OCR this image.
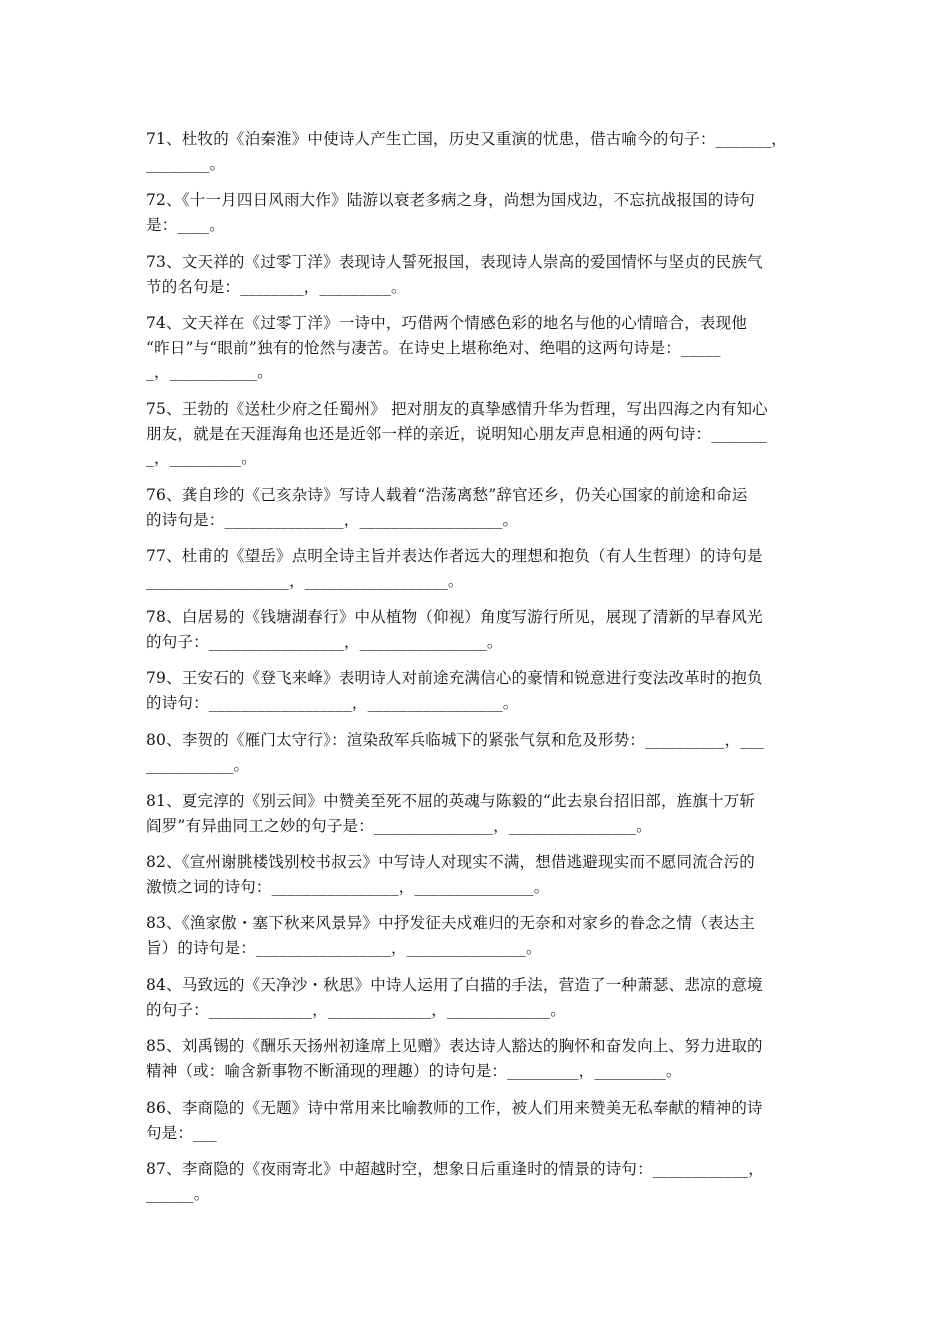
71、杜牧的《泊秦淮》中使诗人产生亡国，历史又重演的忧患，借古喻今的句子：_______，
________。
72、《十一月四日风雨大作》陆游以衰老多病之身，尚想为国戍边，不忘抗战报国的诗句
是：____。
73、文天祥的《过零丁洋》表现诗人誓死报国，表现诗人崇高的爱国情怀与坚贞的民族气
节的名句是：________，_________。
74、文天祥在《过零丁洋》一诗中，巧借两个情感色彩的地名与他的心情暗合，表现他
“昨日”与“眼前”独有的怆然与凄苦。在诗史上堪称绝对、绝唱的这两句诗是：_____
_，___________。
75、王勃的《送杜少府之任蜀州》 把对朋友的真挚感情升华为哲理，写出四海之内有知心
朋友，就是在天涯海角也还是近邻一样的亲近，说明知心朋友声息相通的两句诗：_______
_，_________。
76、龚自珍的《己亥杂诗》写诗人载着“浩荡离愁”辞官还乡，仍关心国家的前途和命运
的诗句是：_______________，__________________。
77、杜甫的《望岳》点明全诗主旨并表达作者远大的理想和抱负（有人生哲理）的诗句是
__________________，__________________。
78、白居易的《钱塘湖春行》中从植物（仰视）角度写游行所见，展现了清新的早春风光
的句子：_________________，________________。
79、王安石的《登飞来峰》表明诗人对前途充满信心的豪情和锐意进行变法改革时的抱负
的诗句：__________________，_________________。
80、李贺的《雁门太守行》：渲染敌军兵临城下的紧张气氛和危及形势：__________，___
___________。
81、夏完淳的《别云间》中赞美至死不屈的英魂与陈毅的“此去泉台招旧部，旌旗十万斩
阎罗”有异曲同工之妙的句子是：_______________，________________。
82、《宣州谢朓楼饯别校书叔云》中写诗人对现实不满，想借逃避现实而不愿同流合污的
激愤之词的诗句：________________，_______________。
83、《渔家傲・塞下秋来风景异》中抒发征夫戍难归的无奈和对家乡的眷念之情（表达主
旨）的诗句是：_________________，_______________。
84、马致远的《天净沙・秋思》中诗人运用了白描的手法，营造了一种萧瑟、悲凉的意境
的句子：_____________，_____________，_____________。
85、刘禹锡的《酬乐天扬州初逢席上见赠》表达诗人豁达的胸怀和奋发向上、努力进取的
精神（或：喻含新事物不断涌现的理趣）的诗句是：_________，_________。
86、李商隐的《无题》诗中常用来比喻教师的工作，被人们用来赞美无私奉献的精神的诗
句是：___
87、李商隐的《夜雨寄北》中超越时空，想象日后重逢时的情景的诗句：____________，
______。
